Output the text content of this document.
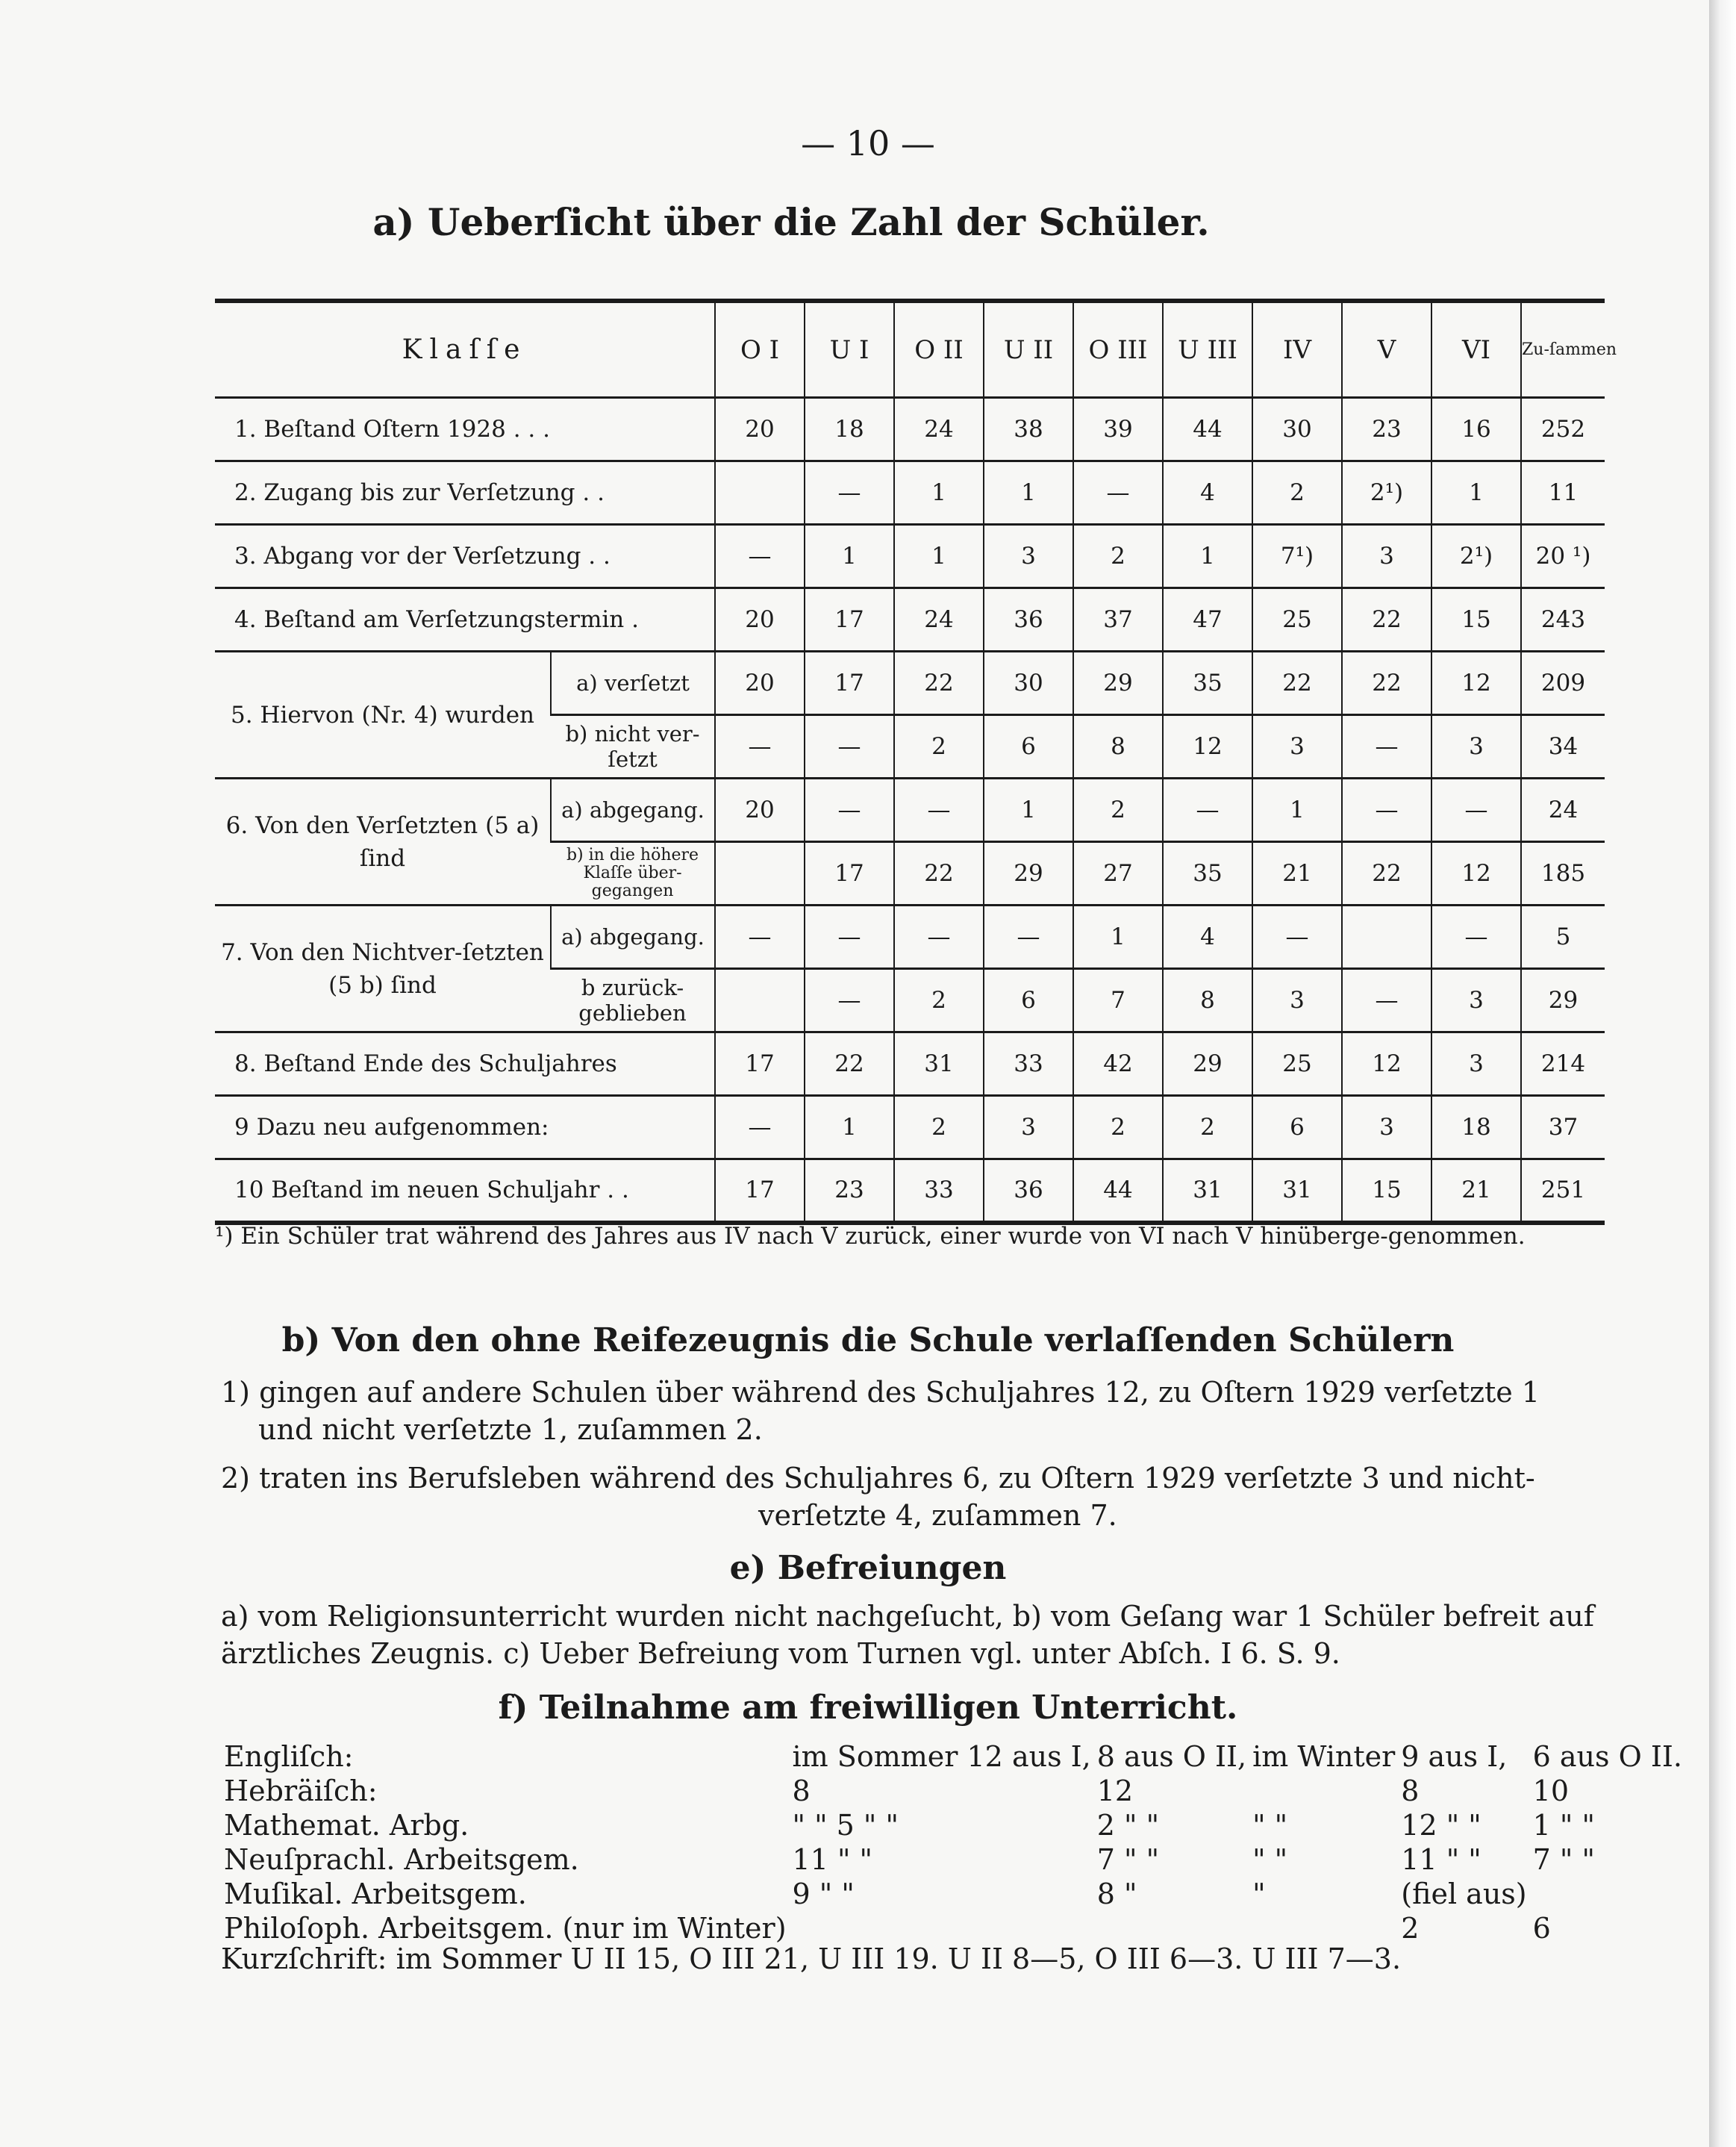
— 10 —
a) Ueberſicht über die Zahl der Schüler.
Klaſſe		O I	U I	O II	U II	O III	U III	IV	V	VI	Zu-ſammen
1. Beſtand Oſtern 1928 . . .		20	18	24	38	39	44	30	23	16	252
2. Zugang bis zur Verſetzung . .			—	1	1	—	4	2	2¹)	1	11
3. Abgang vor der Verſetzung . .		—	1	1	3	2	1	7¹)	3	2¹)	20 ¹)
4. Beſtand am Verſetzungstermin .		20	17	24	36	37	47	25	22	15	243
5. Hiervon (Nr. 4) wurden	a) verſetzt	20	17	22	30	29	35	22	22	12	209
	b) nicht ver-ſetzt	—	—	2	6	8	12	3	—	3	34
6. Von den Verſetzten (5 a) ſind	a) abgegang.	20	—	—	1	2	—	1	—	—	24
	b) in die höhere Klaſſe über-gegangen		17	22	29	27	35	21	22	12	185
7. Von den Nichtver-ſetzten (5 b) ſind	a) abgegang.	—	—	—	—	1	4	—		—	5
	b zurück-geblieben		—	2	6	7	8	3	—	3	29
8. Beſtand Ende des Schuljahres		17	22	31	33	42	29	25	12	3	214
9 Dazu neu aufgenommen:		—	1	2	3	2	2	6	3	18	37
10 Beſtand im neuen Schuljahr . .		17	23	33	36	44	31	31	15	21	251
¹) Ein Schüler trat während des Jahres aus IV nach V zurück, einer wurde von VI nach V hinüberge-genommen.
b) Von den ohne Reifezeugnis die Schule verlaſſenden Schülern
1) gingen auf andere Schulen über während des Schuljahres 12, zu Oſtern 1929 verſetzte 1
und nicht verſetzte 1, zuſammen 2.
2) traten ins Berufsleben während des Schuljahres 6, zu Oſtern 1929 verſetzte 3 und nicht-
verſetzte 4, zuſammen 7.
e) Befreiungen
a) vom Religionsunterricht wurden nicht nachgeſucht, b) vom Geſang war 1 Schüler befreit auf
ärztliches Zeugnis. c) Ueber Befreiung vom Turnen vgl. unter Abſch. I 6. S. 9.
f) Teilnahme am freiwilligen Unterricht.
Engliſch:	im Sommer 12 aus I,	8 aus O II,	im Winter	9 aus I,	6 aus O II.
Hebräiſch:	8	12		8	10
Mathemat. Arbg.	" " 5 " "	2 " "	" "	12 " "	1 " "
Neuſprachl. Arbeitsgem.	11 " "	7 " "	" "	11 " "	7 " "
Muſikal. Arbeitsgem.	9 " "	8 "	"	(fiel aus)	
Philoſoph. Arbeitsgem. (nur im Winter)				2	6
Kurzſchrift: im Sommer U II 15, O III 21, U III 19. U II 8—5, O III 6—3. U III 7—3.
